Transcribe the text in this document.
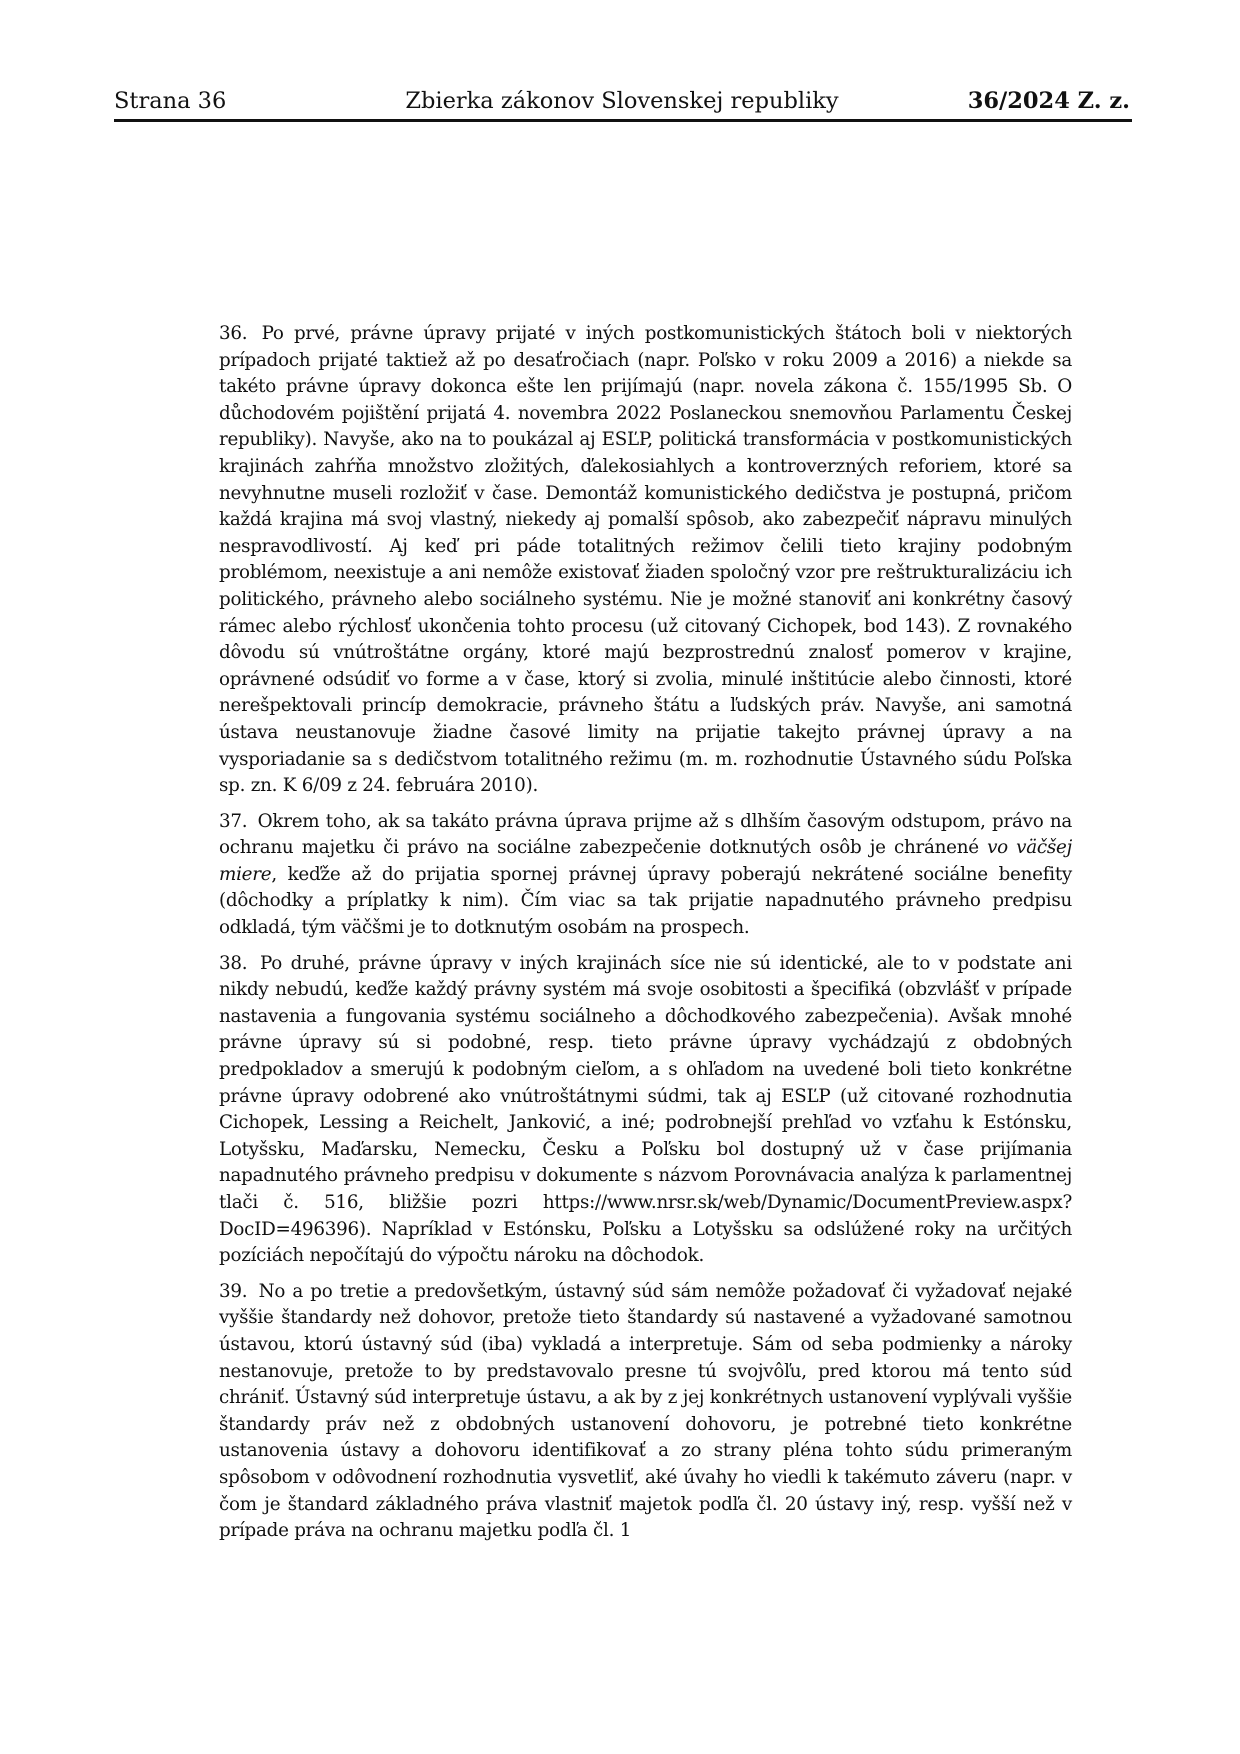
Strana 36	Zbierka zákonov Slovenskej republiky	36/2024 Z. z.

36. Po prvé, právne úpravy prijaté v iných postkomunistických štátoch boli v niektorých prípadoch prijaté taktiež až po desaťročiach (napr. Poľsko v roku 2009 a 2016) a niekde sa takéto právne úpravy dokonca ešte len prijímajú (napr. novela zákona č. 155/1995 Sb. O důchodovém pojištění prijatá 4. novembra 2022 Poslaneckou snemovňou Parlamentu Českej republiky). Navyše, ako na to poukázal aj ESĽP, politická transformácia v postkomunistických krajinách zahŕňa množstvo zložitých, ďalekosiahlych a kontroverzných reforiem, ktoré sa nevyhnutne museli rozložiť v čase. Demontáž komunistického dedičstva je postupná, pričom každá krajina má svoj vlastný, niekedy aj pomalší spôsob, ako zabezpečiť nápravu minulých nespravodlivostí. Aj keď pri páde totalitných režimov čelili tieto krajiny podobným problémom, neexistuje a ani nemôže existovať žiaden spoločný vzor pre reštrukturalizáciu ich politického, právneho alebo sociálneho systému. Nie je možné stanoviť ani konkrétny časový rámec alebo rýchlosť ukončenia tohto procesu (už citovaný Cichopek, bod 143). Z rovnakého dôvodu sú vnútroštátne orgány, ktoré majú bezprostrednú znalosť pomerov v krajine, oprávnené odsúdiť vo forme a v čase, ktorý si zvolia, minulé inštitúcie alebo činnosti, ktoré nerešpektovali princíp demokracie, právneho štátu a ľudských práv. Navyše, ani samotná ústava neustanovuje žiadne časové limity na prijatie takejto právnej úpravy a na vysporiadanie sa s dedičstvom totalitného režimu (m. m. rozhodnutie Ústavného súdu Poľska sp. zn. K 6/09 z 24. februára 2010).

37. Okrem toho, ak sa takáto právna úprava prijme až s dlhším časovým odstupom, právo na ochranu majetku či právo na sociálne zabezpečenie dotknutých osôb je chránené vo väčšej miere, keďže až do prijatia spornej právnej úpravy poberajú nekrátené sociálne benefity (dôchodky a príplatky k nim). Čím viac sa tak prijatie napadnutého právneho predpisu odkladá, tým väčšmi je to dotknutým osobám na prospech.

38. Po druhé, právne úpravy v iných krajinách síce nie sú identické, ale to v podstate ani nikdy nebudú, keďže každý právny systém má svoje osobitosti a špecifiká (obzvlášť v prípade nastavenia a fungovania systému sociálneho a dôchodkového zabezpečenia). Avšak mnohé právne úpravy sú si podobné, resp. tieto právne úpravy vychádzajú z obdobných predpokladov a smerujú k podobným cieľom, a s ohľadom na uvedené boli tieto konkrétne právne úpravy odobrené ako vnútroštátnymi súdmi, tak aj ESĽP (už citované rozhodnutia Cichopek, Lessing a Reichelt, Janković, a iné; podrobnejší prehľad vo vzťahu k Estónsku, Lotyšsku, Maďarsku, Nemecku, Česku a Poľsku bol dostupný už v čase prijímania napadnutého právneho predpisu v dokumente s názvom Porovnávacia analýza k parlamentnej tlači č. 516, bližšie pozri https://www.nrsr.sk/web/Dynamic/DocumentPreview.aspx?DocID=496396). Napríklad v Estónsku, Poľsku a Lotyšsku sa odslúžené roky na určitých pozíciách nepočítajú do výpočtu nároku na dôchodok.

39. No a po tretie a predovšetkým, ústavný súd sám nemôže požadovať či vyžadovať nejaké vyššie štandardy než dohovor, pretože tieto štandardy sú nastavené a vyžadované samotnou ústavou, ktorú ústavný súd (iba) vykladá a interpretuje. Sám od seba podmienky a nároky nestanovuje, pretože to by predstavovalo presne tú svojvôľu, pred ktorou má tento súd chrániť. Ústavný súd interpretuje ústavu, a ak by z jej konkrétnych ustanovení vyplývali vyššie štandardy práv než z obdobných ustanovení dohovoru, je potrebné tieto konkrétne ustanovenia ústavy a dohovoru identifikovať a zo strany pléna tohto súdu primeraným spôsobom v odôvodnení rozhodnutia vysvetliť, aké úvahy ho viedli k takémuto záveru (napr. v čom je štandard základného práva vlastniť majetok podľa čl. 20 ústavy iný, resp. vyšší než v prípade práva na ochranu majetku podľa čl. 1
